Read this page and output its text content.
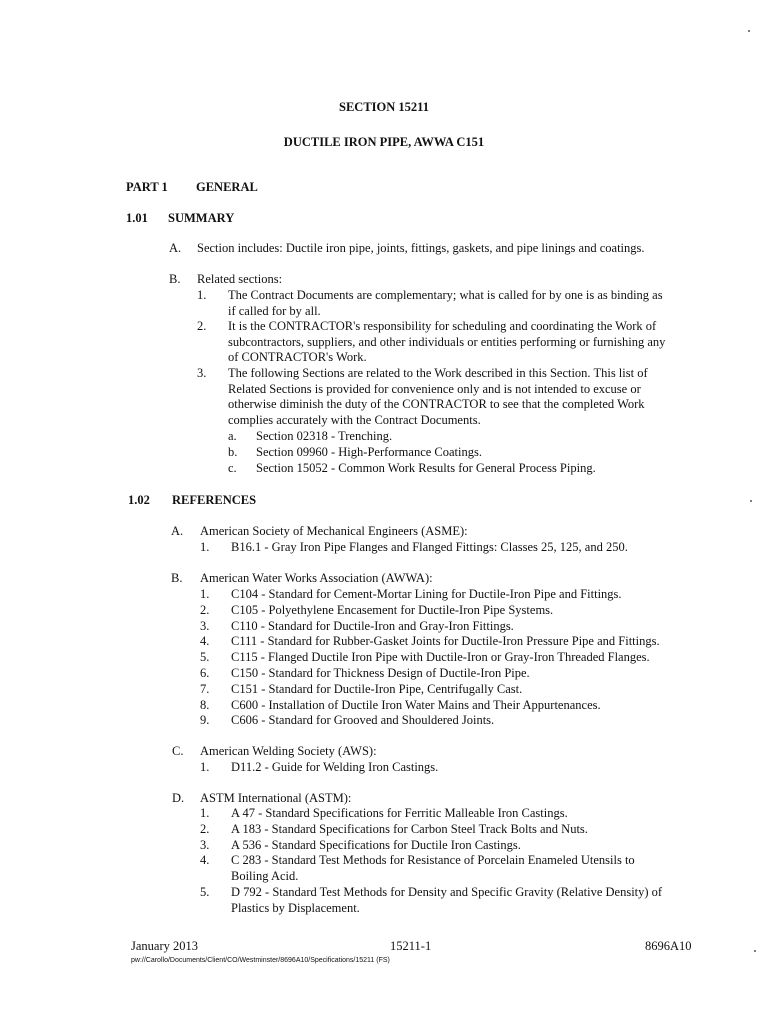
SECTION 15211
DUCTILE IRON PIPE, AWWA C151
PART 1 GENERAL
1.01 SUMMARY
A. Section includes: Ductile iron pipe, joints, fittings, gaskets, and pipe linings and coatings.
B. Related sections:
1. The Contract Documents are complementary; what is called for by one is as binding as if called for by all.
2. It is the CONTRACTOR's responsibility for scheduling and coordinating the Work of subcontractors, suppliers, and other individuals or entities performing or furnishing any of CONTRACTOR's Work.
3. The following Sections are related to the Work described in this Section. This list of Related Sections is provided for convenience only and is not intended to excuse or otherwise diminish the duty of the CONTRACTOR to see that the completed Work complies accurately with the Contract Documents.
a. Section 02318 - Trenching.
b. Section 09960 - High-Performance Coatings.
c. Section 15052 - Common Work Results for General Process Piping.
1.02 REFERENCES
A. American Society of Mechanical Engineers (ASME):
1. B16.1 - Gray Iron Pipe Flanges and Flanged Fittings: Classes 25, 125, and 250.
B. American Water Works Association (AWWA):
1. C104 - Standard for Cement-Mortar Lining for Ductile-Iron Pipe and Fittings.
2. C105 - Polyethylene Encasement for Ductile-Iron Pipe Systems.
3. C110 - Standard for Ductile-Iron and Gray-Iron Fittings.
4. C111 - Standard for Rubber-Gasket Joints for Ductile-Iron Pressure Pipe and Fittings.
5. C115 - Flanged Ductile Iron Pipe with Ductile-Iron or Gray-Iron Threaded Flanges.
6. C150 - Standard for Thickness Design of Ductile-Iron Pipe.
7. C151 - Standard for Ductile-Iron Pipe, Centrifugally Cast.
8. C600 - Installation of Ductile Iron Water Mains and Their Appurtenances.
9. C606 - Standard for Grooved and Shouldered Joints.
C. American Welding Society (AWS):
1. D11.2 - Guide for Welding Iron Castings.
D. ASTM International (ASTM):
1. A 47 - Standard Specifications for Ferritic Malleable Iron Castings.
2. A 183 - Standard Specifications for Carbon Steel Track Bolts and Nuts.
3. A 536 - Standard Specifications for Ductile Iron Castings.
4. C 283 - Standard Test Methods for Resistance of Porcelain Enameled Utensils to Boiling Acid.
5. D 792 - Standard Test Methods for Density and Specific Gravity (Relative Density) of Plastics by Displacement.
January 2013	15211-1	8696A10
pw://Carollo/Documents/Client/CO/Westminster/8696A10/Specifications/15211 (FS)
